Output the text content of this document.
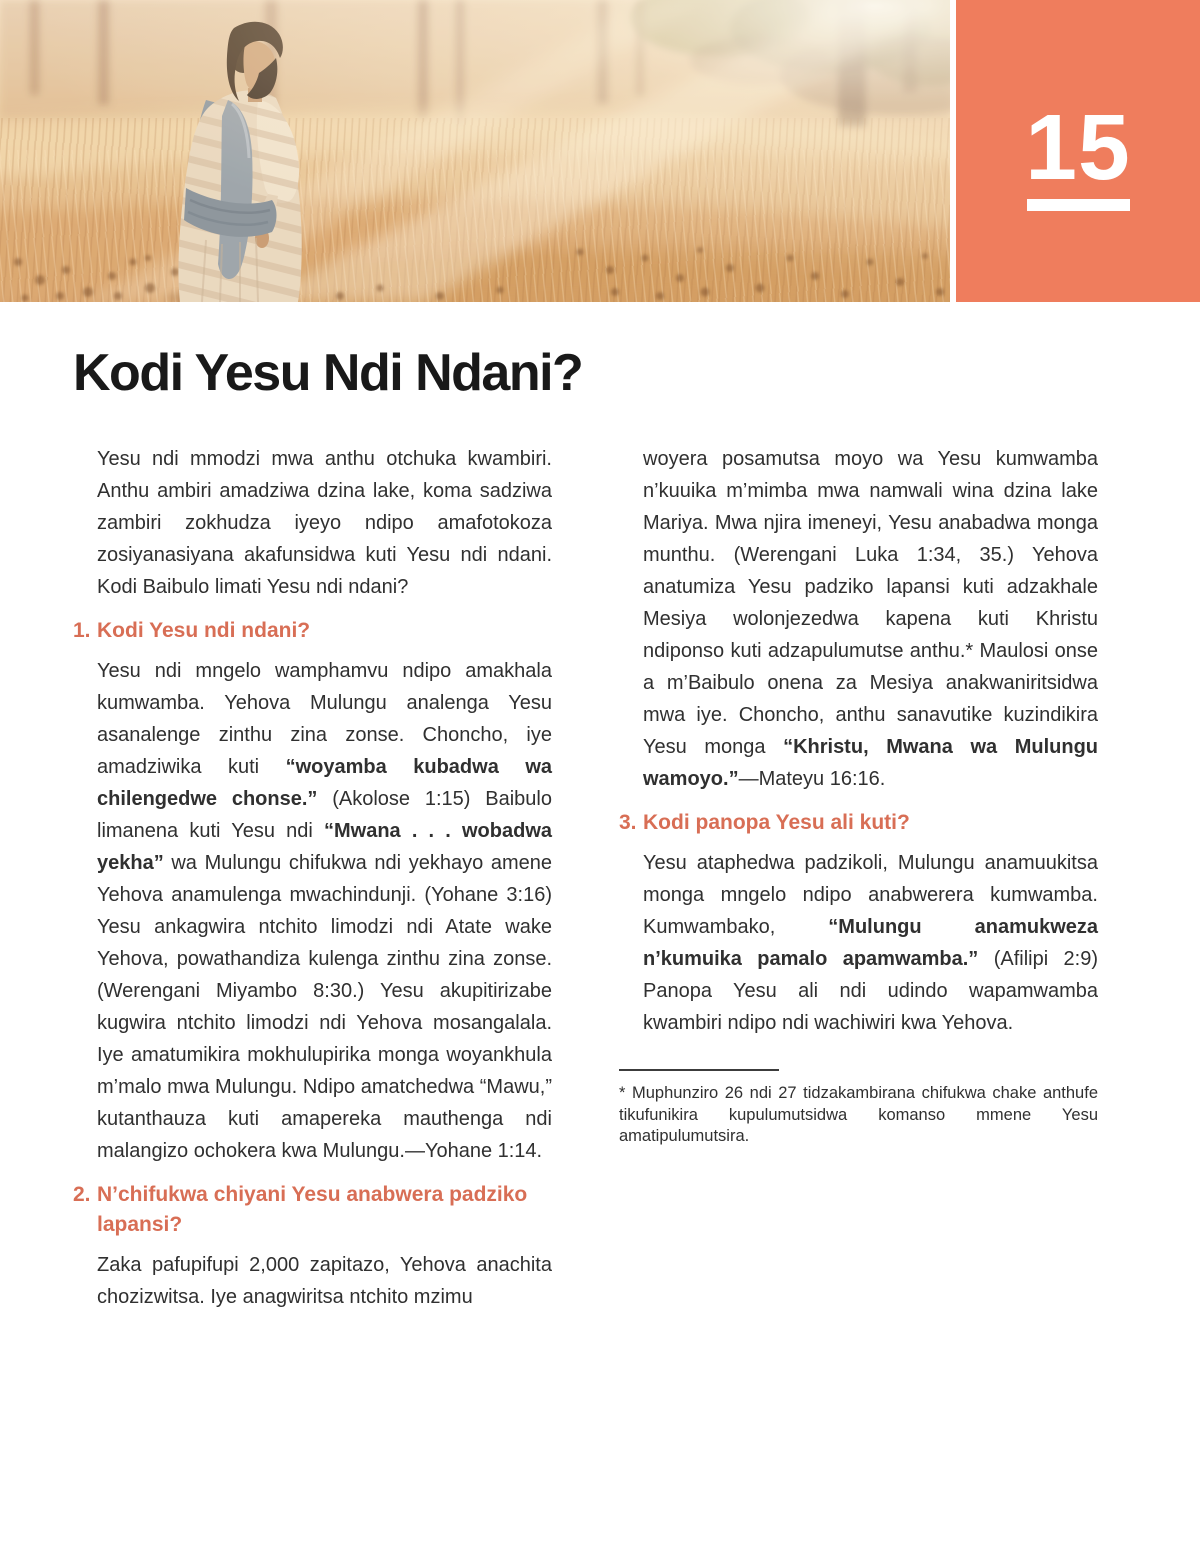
15
Kodi Yesu Ndi Ndani?

Yesu ndi mmodzi mwa anthu otchuka kwambiri. Anthu ambiri amadziwa dzina lake, koma sadziwa zambiri zokhudza iyeyo ndipo amafotokoza zosiyanasiyana akafunsidwa kuti Yesu ndi ndani. Kodi Baibulo limati Yesu ndi ndani?

1. Kodi Yesu ndi ndani?

Yesu ndi mngelo wamphamvu ndipo amakhala kumwamba. Yehova Mulungu analenga Yesu asanalenge zinthu zina zonse. Choncho, iye amadziwika kuti “woyamba kubadwa wa chilengedwe chonse.” (Akolose 1:15) Baibulo limanena kuti Yesu ndi “Mwana . . . wobadwa yekha” wa Mulungu chifukwa ndi yekhayo amene Yehova anamulenga mwachindunji. (Yohane 3:16) Yesu ankagwira ntchito limodzi ndi Atate wake Yehova, powathandiza kulenga zinthu zina zonse. (Werengani Miyambo 8:30.) Yesu akupitirizabe kugwira ntchito limodzi ndi Yehova mosangalala. Iye amatumikira mokhulupirika monga woyankhula m’malo mwa Mulungu. Ndipo amatchedwa “Mawu,” kutanthauza kuti amapereka mauthenga ndi malangizo ochokera kwa Mulungu.—Yohane 1:14.

2. N’chifukwa chiyani Yesu anabwera padziko lapansi?

Zaka pafupifupi 2,000 zapitazo, Yehova anachita chozizwitsa. Iye anagwiritsa ntchito mzimu

woyera posamutsa moyo wa Yesu kumwamba n’kuuika m’mimba mwa namwali wina dzina lake Mariya. Mwa njira imeneyi, Yesu anabadwa monga munthu. (Werengani Luka 1:34, 35.) Yehova anatumiza Yesu padziko lapansi kuti adzakhale Mesiya wolonjezedwa kapena kuti Khristu ndiponso kuti adzapulumutse anthu.* Maulosi onse a m’Baibulo onena za Mesiya anakwaniritsidwa mwa iye. Choncho, anthu sanavutike kuzindikira Yesu monga “Khristu, Mwana wa Mulungu wamoyo.”—Mateyu 16:16.

3. Kodi panopa Yesu ali kuti?

Yesu ataphedwa padzikoli, Mulungu anamuukitsa monga mngelo ndipo anabwerera kumwamba. Kumwambako, “Mulungu anamukweza n’kumuika pamalo apamwamba.” (Afilipi 2:9) Panopa Yesu ali ndi udindo wapamwamba kwambiri ndipo ndi wachiwiri kwa Yehova.

* Muphunziro 26 ndi 27 tidzakambirana chifukwa chake anthufe tikufunikira kupulumutsidwa komanso mmene Yesu amatipulumutsira.
